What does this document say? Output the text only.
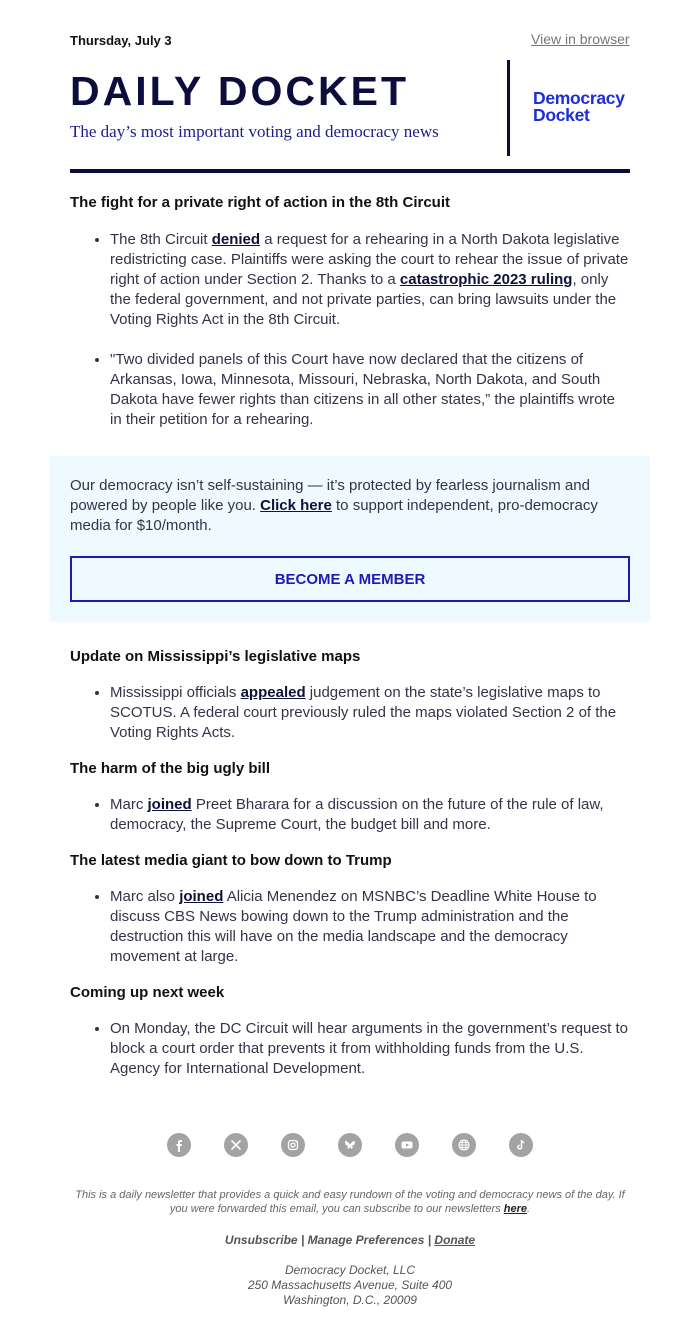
Thursday, July 3	View in browser
DAILY DOCKET
The day’s most important voting and democracy news
Democracy
Docket
The fight for a private right of action in the 8th Circuit
• The 8th Circuit denied a request for a rehearing in a North Dakota legislative redistricting case. Plaintiffs were asking the court to rehear the issue of private right of action under Section 2. Thanks to a catastrophic 2023 ruling, only the federal government, and not private parties, can bring lawsuits under the Voting Rights Act in the 8th Circuit.
• "Two divided panels of this Court have now declared that the citizens of Arkansas, Iowa, Minnesota, Missouri, Nebraska, North Dakota, and South Dakota have fewer rights than citizens in all other states,” the plaintiffs wrote in their petition for a rehearing.
Our democracy isn’t self-sustaining — it’s protected by fearless journalism and powered by people like you. Click here to support independent, pro-democracy media for $10/month.
BECOME A MEMBER
Update on Mississippi’s legislative maps
• Mississippi officials appealed judgement on the state’s legislative maps to SCOTUS. A federal court previously ruled the maps violated Section 2 of the Voting Rights Acts.
The harm of the big ugly bill
• Marc joined Preet Bharara for a discussion on the future of the rule of law, democracy, the Supreme Court, the budget bill and more.
The latest media giant to bow down to Trump
• Marc also joined Alicia Menendez on MSNBC’s Deadline White House to discuss CBS News bowing down to the Trump administration and the destruction this will have on the media landscape and the democracy movement at large.
Coming up next week
• On Monday, the DC Circuit will hear arguments in the government’s request to block a court order that prevents it from withholding funds from the U.S. Agency for International Development.
This is a daily newsletter that provides a quick and easy rundown of the voting and democracy news of the day. If you were forwarded this email, you can subscribe to our newsletters here.
Unsubscribe | Manage Preferences | Donate
Democracy Docket, LLC
250 Massachusetts Avenue, Suite 400
Washington, D.C., 20009
